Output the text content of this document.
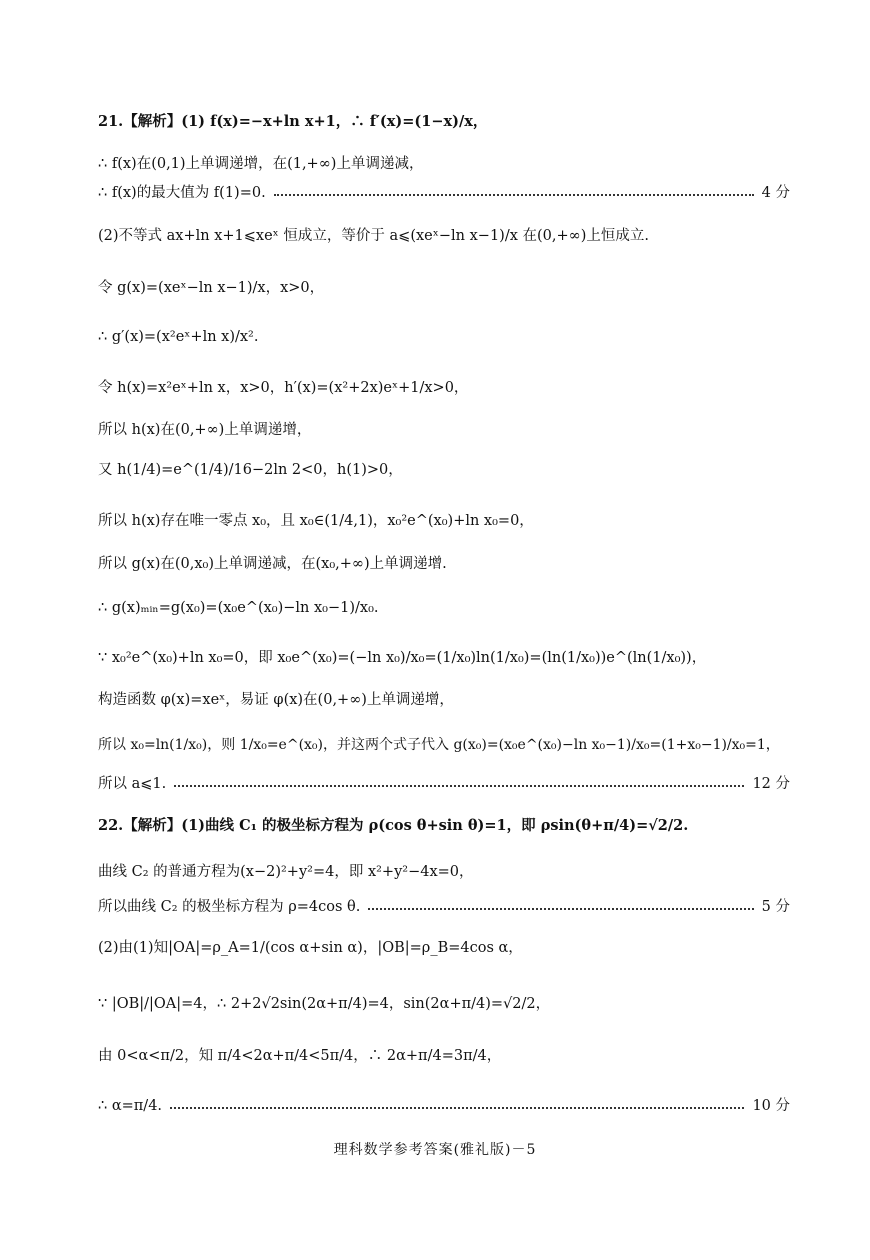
21.【解析】(1) f(x)=−x+ln x+1，∴ f′(x)=(1−x)/x，
∴ f(x)在(0,1)上单调递增，在(1,+∞)上单调递减，
∴ f(x)的最大值为 f(1)=0.	4 分
(2)不等式 ax+ln x+1⩽xeˣ 恒成立，等价于 a⩽(xeˣ−ln x−1)/x 在(0,+∞)上恒成立.
令 g(x)=(xeˣ−ln x−1)/x，x>0，
∴ g′(x)=(x²eˣ+ln x)/x².
令 h(x)=x²eˣ+ln x，x>0，h′(x)=(x²+2x)eˣ+1/x>0，
所以 h(x)在(0,+∞)上单调递增，
又 h(1/4)=e^(1/4)/16−2ln 2<0，h(1)>0，
所以 h(x)存在唯一零点 x₀，且 x₀∈(1/4,1)，x₀²e^(x₀)+ln x₀=0，
所以 g(x)在(0,x₀)上单调递减，在(x₀,+∞)上单调递增.
∴ g(x)ₘᵢₙ=g(x₀)=(x₀e^(x₀)−ln x₀−1)/x₀.
∵ x₀²e^(x₀)+ln x₀=0，即 x₀e^(x₀)=(−ln x₀)/x₀=(1/x₀)ln(1/x₀)=(ln(1/x₀))e^(ln(1/x₀))，
构造函数 φ(x)=xeˣ，易证 φ(x)在(0,+∞)上单调递增，
所以 x₀=ln(1/x₀)，则 1/x₀=e^(x₀)，并这两个式子代入 g(x₀)=(x₀e^(x₀)−ln x₀−1)/x₀=(1+x₀−1)/x₀=1，
所以 a⩽1.	12 分
22.【解析】(1)曲线 C₁ 的极坐标方程为 ρ(cos θ+sin θ)=1，即 ρsin(θ+π/4)=√2/2.
曲线 C₂ 的普通方程为(x−2)²+y²=4，即 x²+y²−4x=0，
所以曲线 C₂ 的极坐标方程为 ρ=4cos θ.	5 分
(2)由(1)知|OA|=ρ_A=1/(cos α+sin α)，|OB|=ρ_B=4cos α，
∵ |OB|/|OA|=4，∴ 2+2√2sin(2α+π/4)=4，sin(2α+π/4)=√2/2，
由 0<α<π/2，知 π/4<2α+π/4<5π/4，∴ 2α+π/4=3π/4，
∴ α=π/4.	10 分
理科数学参考答案(雅礼版)－5
